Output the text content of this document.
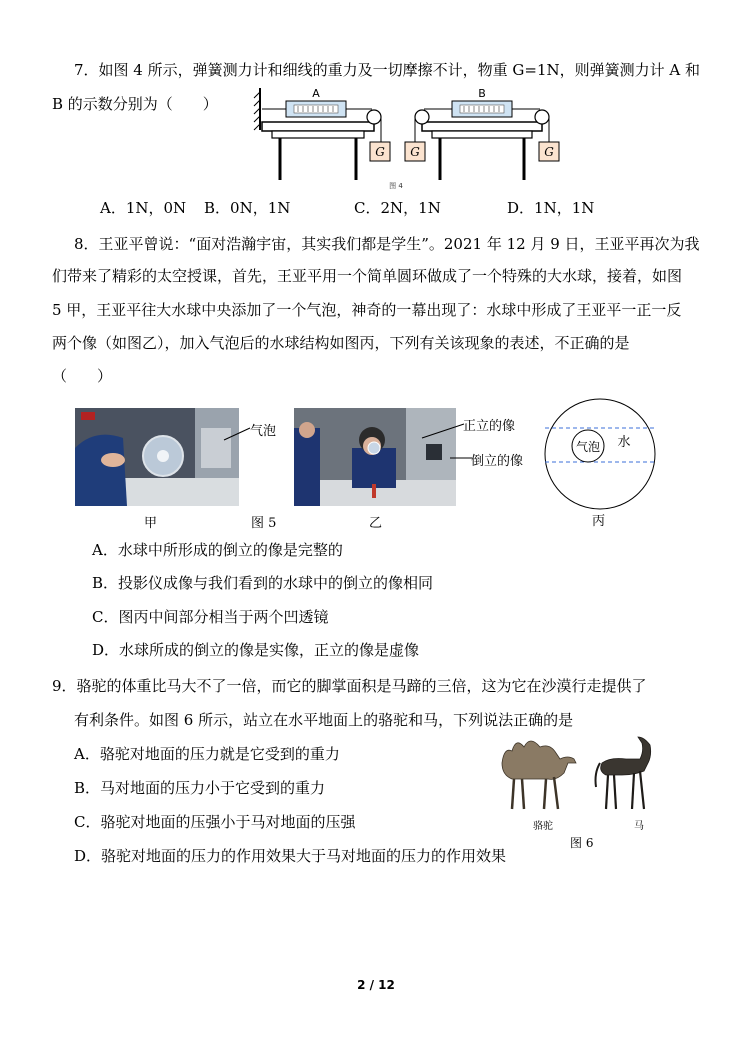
7．如图 4 所示，弹簧测力计和细线的重力及一切摩擦不计，物重 G=1N，则弹簧测力计 A 和
B 的示数分别为（　　）
G
A
G	G
B
图 4
A．1N，0N B．0N，1N	C．2N，1N	D．1N，1N
8．王亚平曾说：“面对浩瀚宇宙，其实我们都是学生”。2021 年 12 月 9 日，王亚平再次为我
们带来了精彩的太空授课，首先，王亚平用一个简单圆环做成了一个特殊的大水球，接着，如图
5 甲，王亚平往大水球中央添加了一个气泡，神奇的一幕出现了：水球中形成了王亚平一正一反
两个像（如图乙），加入气泡后的水球结构如图丙，下列有关该现象的表述，不正确的是
（　　）
气泡	正立的像
倒立的像
气泡 水
甲	图 5	乙	丙
A．水球中所形成的倒立的像是完整的
B．投影仪成像与我们看到的水球中的倒立的像相同
C．图丙中间部分相当于两个凹透镜
D．水球所成的倒立的像是实像，正立的像是虚像
9．骆驼的体重比马大不了一倍，而它的脚掌面积是马蹄的三倍，这为它在沙漠行走提供了
有利条件。如图 6 所示，站立在水平地面上的骆驼和马，下列说法正确的是
A．骆驼对地面的压力就是它受到的重力
B．马对地面的压力小于它受到的重力
C．骆驼对地面的压强小于马对地面的压强
D．骆驼对地面的压力的作用效果大于马对地面的压力的作用效果
骆驼	马
图 6
2 / 12
